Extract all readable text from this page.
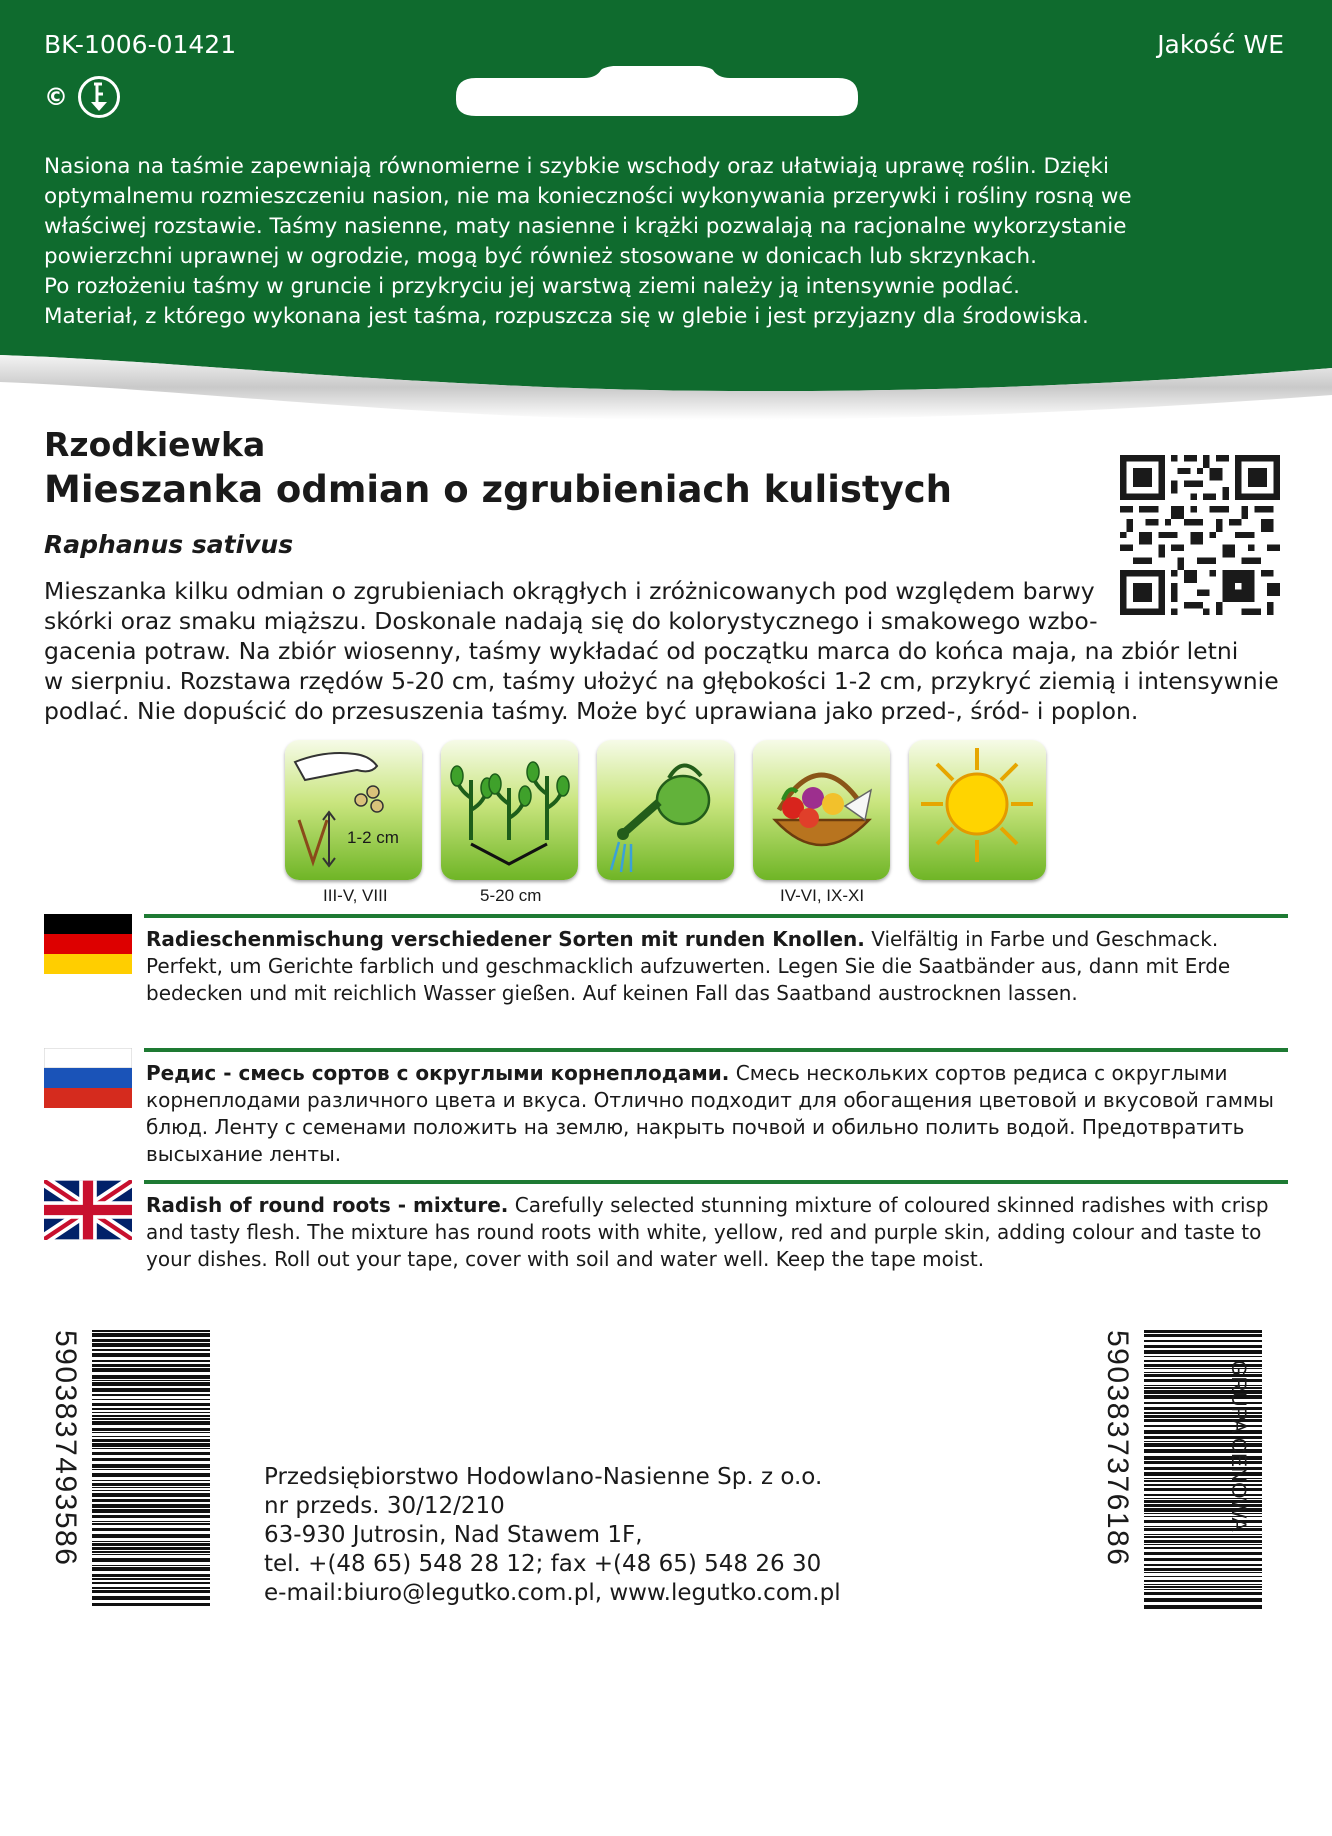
BK-1006-01421	Jakość WE
©

Nasiona na taśmie zapewniają równomierne i szybkie wschody oraz ułatwiają uprawę roślin. Dzięki

optymalnemu rozmieszczeniu nasion, nie ma konieczności wykonywania przerywki i rośliny rosną we

właściwej rozstawie. Taśmy nasienne, maty nasienne i krążki pozwalają na racjonalne wykorzystanie

powierzchni uprawnej w ogrodzie, mogą być również stosowane w donicach lub skrzynkach.

Po rozłożeniu taśmy w gruncie i przykryciu jej warstwą ziemi należy ją intensywnie podlać.

Materiał, z którego wykonana jest taśma, rozpuszcza się w glebie i jest przyjazny dla środowiska.

Rzodkiewka
Mieszanka odmian o zgrubieniach kulistych

Raphanus sativus

Mieszanka kilku odmian o zgrubieniach okrągłych i zróżnicowanych pod względem barwy
skórki oraz smaku miąższu. Doskonale nadają się do kolorystycznego i smakowego wzbo-
gacenia potraw. Na zbiór wiosenny, taśmy wykładać od początku marca do końca maja, na zbiór letni
w sierpniu. Rozstawa rzędów 5-20 cm, taśmy ułożyć na głębokości 1-2 cm, przykryć ziemią i intensywnie
podlać. Nie dopuścić do przesuszenia taśmy. Może być uprawiana jako przed-, śród- i poplon.
1-2 cm
III-V, VIII	5-20 cm	IV-VI, IX-XI

Radieschenmischung verschiedener Sorten mit runden Knollen. Vielfältig in Farbe und Geschmack. Perfekt, um Gerichte farblich und geschmacklich aufzuwerten. Legen Sie die Saatbänder aus, dann mit Erde bedecken und mit reichlich Wasser gießen. Auf keinen Fall das Saatband austrocknen lassen.

Редис - смесь сортов с округлыми корнеплодами. Смесь нескольких сортов редиса с округлыми корнеплодами различного цвета и вкуса. Отлично подходит для обогащения цветовой и вкусовой гаммы блюд. Ленту с семенами положить на землю, накрыть почвой и обильно полить водой. Предотвратить высыхание ленты.

Radish of round roots - mixture. Carefully selected stunning mixture of coloured skinned radishes with crisp and tasty flesh. The mixture has round roots with white, yellow, red and purple skin, adding colour and taste to your dishes. Roll out your tape, cover with soil and water well. Keep the tape moist.

5903837493586	5903837376186	GRUPA CENOWA

Przedsiębiorstwo Hodowlano-Nasienne Sp. z o.o.

nr przeds. 30/12/210

63-930 Jutrosin, Nad Stawem 1F,

tel. +(48 65) 548 28 12; fax +(48 65) 548 26 30

e-mail:biuro@legutko.com.pl, www.legutko.com.pl
